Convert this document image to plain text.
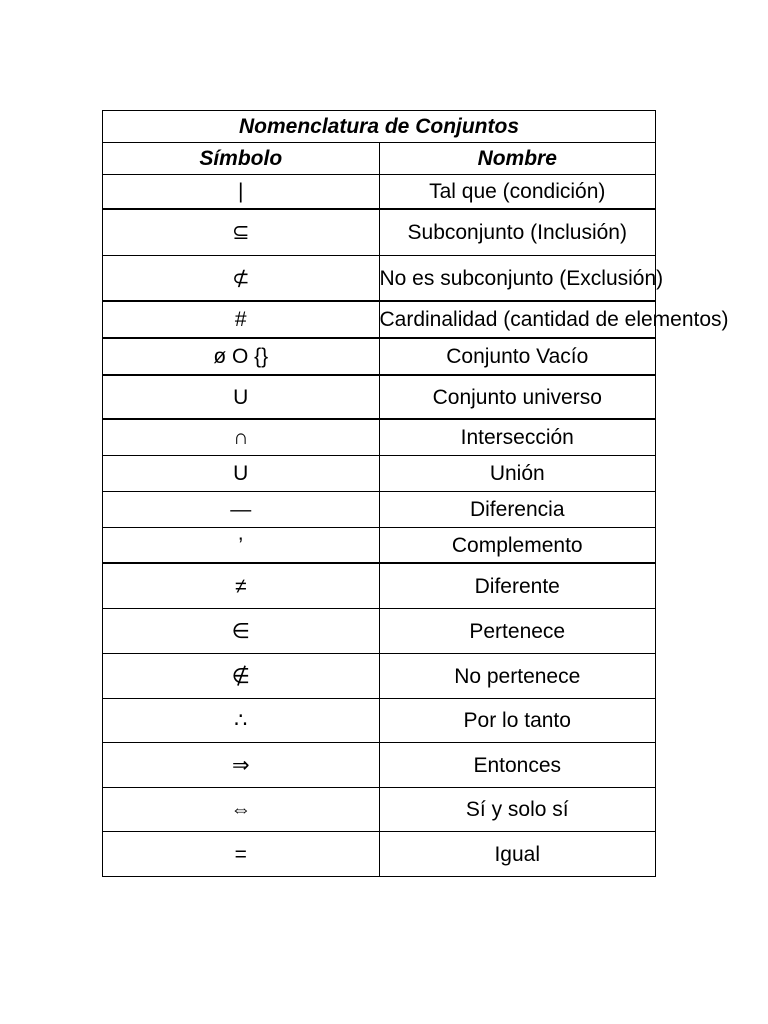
Nomenclatura de Conjuntos	
Símbolo	Nombre
|	Tal que (condición)
⊆	Subconjunto (Inclusión)
⊄	No es subconjunto (Exclusión)
#	Cardinalidad (cantidad de elementos)
ø O {}	Conjunto Vacío
U	Conjunto universo
∩	Intersección
U	Unión
—	Diferencia
’	Complemento
≠	Diferente
∈	Pertenece
∉	No pertenece
∴	Por lo tanto
⇒	Entonces
⇔	Sí y solo sí
=	Igual
